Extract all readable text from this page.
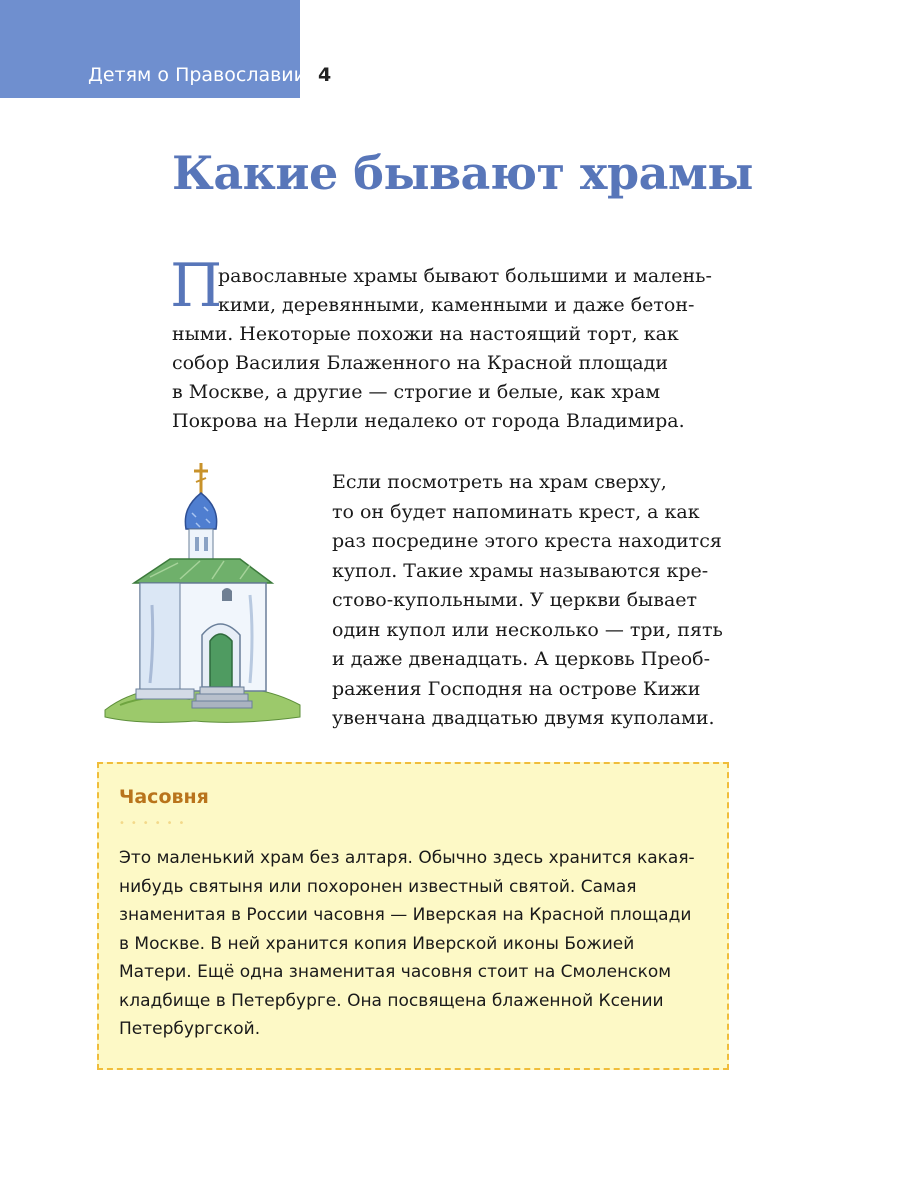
Детям о Православии 4
Какие бывают храмы
П
равославные храмы бывают большими и малень-
кими, деревянными, каменными и даже бетон-
ными. Некоторые похожи на настоящий торт, как
собор Василия Блаженного на Красной площади
в Москве, а другие — строгие и белые, как храм
Покрова на Нерли недалеко от города Владимира.
Если посмотреть на храм сверху,
то он будет напоминать крест, а как
раз посредине этого креста находится
купол. Такие храмы называются кре-
стово-купольными. У церкви бывает
один купол или несколько — три, пять
и даже двенадцать. А церковь Преоб-
ражения Господня на острове Кижи
увенчана двадцатью двумя куполами.
Часовня
••••••
Это маленький храм без алтаря. Обычно здесь хранится какая-
нибудь святыня или похоронен известный святой. Самая
знаменитая в России часовня — Иверская на Красной площади
в Москве. В ней хранится копия Иверской иконы Божией
Матери. Ещё одна знаменитая часовня стоит на Смоленском
кладбище в Петербурге. Она посвящена блаженной Ксении
Петербургской.
